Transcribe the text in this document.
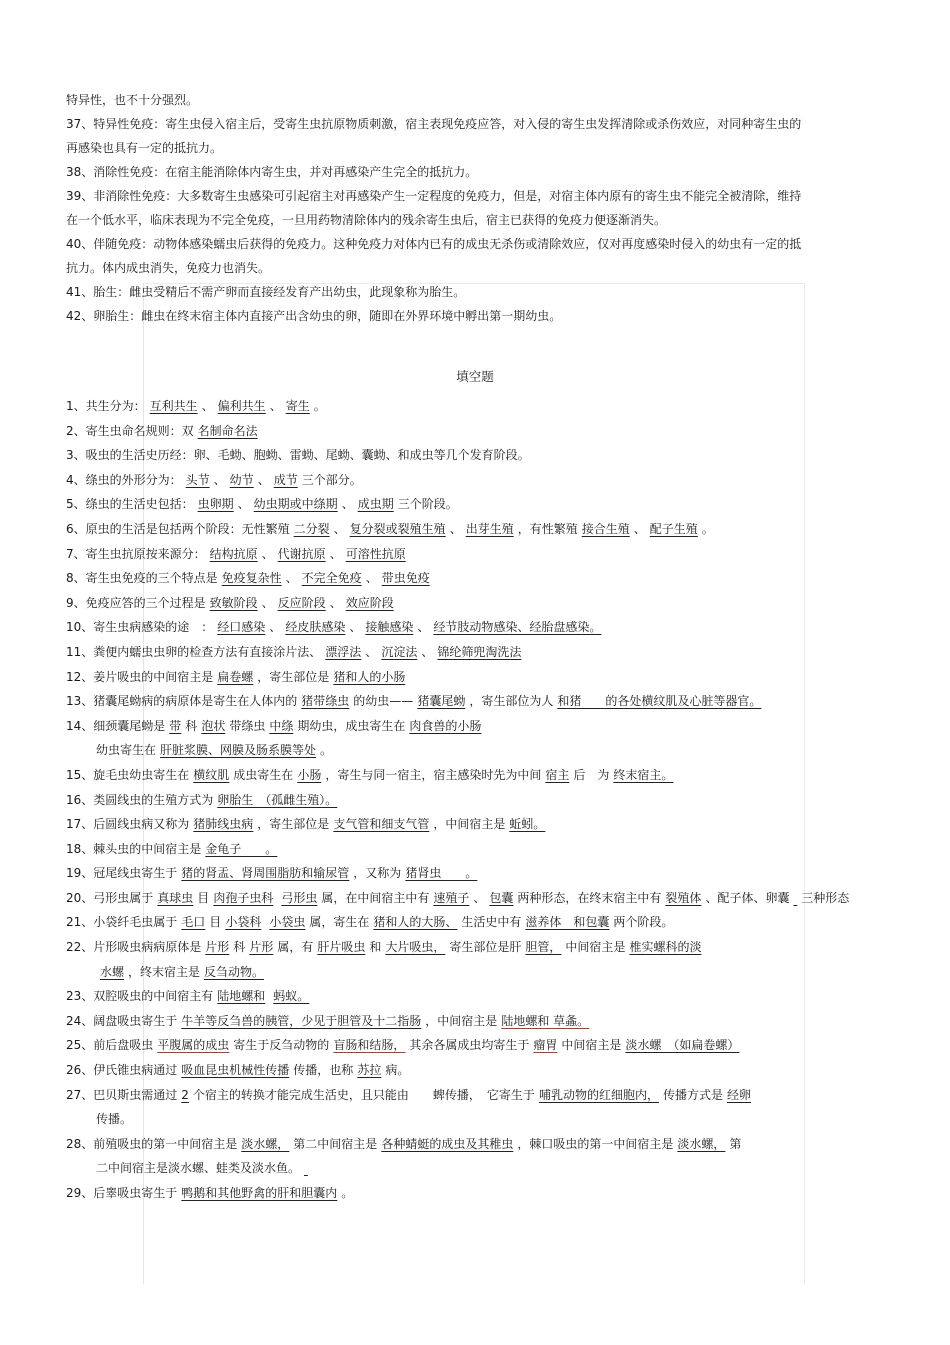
特异性，也不十分强烈。

37、特异性免疫：寄生虫侵入宿主后，受寄生虫抗原物质刺激，宿主表现免疫应答，对入侵的寄生虫发挥清除或杀伤效应，对同种寄生虫的再感染也具有一定的抵抗力。

38、消除性免疫：在宿主能消除体内寄生虫，并对再感染产生完全的抵抗力。

39、非消除性免疫：大多数寄生虫感染可引起宿主对再感染产生一定程度的免疫力，但是，对宿主体内原有的寄生虫不能完全被清除，维持在一个低水平，临床表现为不完全免疫，一旦用药物清除体内的残余寄生虫后，宿主已获得的免疫力便逐渐消失。

40、伴随免疫：动物体感染蠕虫后获得的免疫力。这种免疫力对体内已有的成虫无杀伤或清除效应，仅对再度感染时侵入的幼虫有一定的抵抗力。体内成虫消失，免疫力也消失。

41、胎生：雌虫受精后不需产卵而直接经发育产出幼虫，此现象称为胎生。

42、卵胎生：雌虫在终末宿主体内直接产出含幼虫的卵，随即在外界环境中孵出第一期幼虫。

填空题

1、共生分为： 互利共生 、 偏利共生 、 寄生 。

2、寄生虫命名规则：双 名制命名法

3、吸虫的生活史历经：卵、毛蚴、胞蚴、雷蚴、尾蚴、囊蚴、和成虫等几个发育阶段。

4、绦虫的外形分为： 头节 、 幼节 、 成节 三个部分。

5、绦虫的生活史包括： 虫卵期 、 幼虫期或中绦期 、 成虫期 三个阶段。

6、原虫的生活是包括两个阶段：无性繁殖 二分裂 、 复分裂或裂殖生殖 、 出芽生殖 ，有性繁殖 接合生殖 、 配子生殖 。

7、寄生虫抗原按来源分： 结构抗原 、 代谢抗原 、 可溶性抗原

8、寄生虫免疫的三个特点是 免疫复杂性 、 不完全免疫 、 带虫免疫

9、免疫应答的三个过程是 致敏阶段 、 反应阶段 、 效应阶段

10、寄生虫病感染的途　： 经口感染 、 经皮肤感染 、 接触感染 、 经节肢动物感染、经胎盘感染。

11、粪便内蠕虫虫卵的检查方法有直接涂片法、 漂浮法 、 沉淀法 、 锦纶筛兜淘洗法

12、姜片吸虫的中间宿主是 扁卷螺 ，寄生部位是 猪和人的小肠

13、猪囊尾蚴病的病原体是寄生在人体内的 猪带绦虫 的幼虫—— 猪囊尾蚴 ，寄生部位为人 和猪　　的各处横纹肌及心脏等器官。

14、细颈囊尾蚴是 带 科 泡状 带绦虫 中绦 期幼虫，成虫寄生在 肉食兽的小肠

幼虫寄生在 肝脏浆膜、网膜及肠系膜等处 。

15、旋毛虫幼虫寄生在 横纹肌 成虫寄生在 小肠 ，寄生与同一宿主，宿主感染时先为中间 宿主 后　为 终末宿主。

16、类圆线虫的生殖方式为 卵胎生　（孤雌生殖）。

17、后圆线虫病又称为 猪肺线虫病 ，寄生部位是 支气管和细支气管 ，中间宿主是 蚯蚓。

18、棘头虫的中间宿主是 金龟子　　。

19、冠尾线虫寄生于 猪的肾盂、肾周围脂肪和输尿管 ，又称为 猪肾虫　　。

20、弓形虫属于 真球虫 目 肉孢子虫科 弓形虫 属，在中间宿主中有 速殖子 、 包囊 两种形态，在终末宿主中有 裂殖体 、配子体、卵囊 三种形态

21、小袋纤毛虫属于 毛口 目 小袋科 小袋虫 属，寄生在 猪和人的大肠、 生活史中有 滋养体　和包囊 两个阶段。

22、片形吸虫病病原体是 片形 科 片形 属，有 肝片吸虫 和 大片吸虫， 寄生部位是肝 胆管， 中间宿主是 椎实螺科的淡

水螺 ，终末宿主是 反刍动物。

23、双腔吸虫的中间宿主有 陆地螺和 蚂蚁。

24、阔盘吸虫寄生于 牛羊等反刍兽的胰管，少见于胆管及十二指肠 ，中间宿主是 陆地螺和 草螽。

25、前后盘吸虫 平腹属的成虫 寄生于反刍动物的 盲肠和结肠， 其余各属成虫均寄生于 瘤胃 中间宿主是 淡水螺　（如扁卷螺）

26、伊氏锥虫病通过 吸血昆虫机械性传播 传播，也称 苏拉 病。

27、巴贝斯虫需通过 2 个宿主的转换才能完成生活史，且只能由　　蜱传播，　它寄生于 哺乳动物的红细胞内， 传播方式是 经卵

传播。

28、前殖吸虫的第一中间宿主是 淡水螺， 第二中间宿主是 各种蜻蜓的成虫及其稚虫 ，棘口吸虫的第一中间宿主是 淡水螺， 第

二中间宿主是淡水螺、蛙类及淡水鱼。

29、后睾吸虫寄生于 鸭鹅和其他野禽的肝和胆囊内 。
